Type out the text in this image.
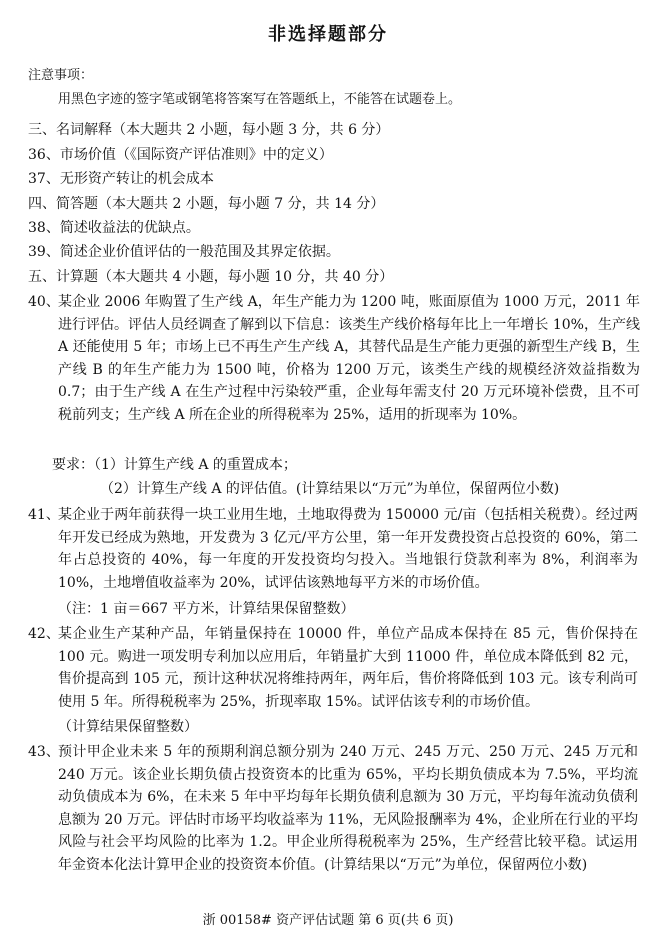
非选择题部分
注意事项：
用黑色字迹的签字笔或钢笔将答案写在答题纸上，不能答在试题卷上。
三、名词解释（本大题共 2 小题，每小题 3 分，共 6 分）
36、市场价值（《国际资产评估准则》中的定义）
37、无形资产转让的机会成本
四、简答题（本大题共 2 小题，每小题 7 分，共 14 分）
38、简述收益法的优缺点。
39、简述企业价值评估的一般范围及其界定依据。
五、计算题（本大题共 4 小题，每小题 10 分，共 40 分）
40、
某企业 2006 年购置了生产线 A，年生产能力为 1200 吨，账面原值为 1000 万元，2011 年进行评估。评估人员经调查了解到以下信息：该类生产线价格每年比上一年增长 10%，生产线 A 还能使用 5 年；市场上已不再生产生产线 A，其替代品是生产能力更强的新型生产线 B，生产线 B 的年生产能力为 1500 吨，价格为 1200 万元，该类生产线的规模经济效益指数为 0.7；由于生产线 A 在生产过程中污染较严重，企业每年需支付 20 万元环境补偿费，且不可税前列支；生产线 A 所在企业的所得税率为 25%，适用的折现率为 10%。
要求：（1）计算生产线 A 的重置成本；
（2）计算生产线 A 的评估值。(计算结果以“万元”为单位，保留两位小数)
41、
某企业于两年前获得一块工业用生地，土地取得费为 150000 元/亩（包括相关税费）。经过两年开发已经成为熟地，开发费为 3 亿元/平方公里，第一年开发费投资占总投资的 60%，第二年占总投资的 40%，每一年度的开发投资均匀投入。当地银行贷款利率为 8%，利润率为 10%，土地增值收益率为 20%，试评估该熟地每平方米的市场价值。
（注：1 亩＝667 平方米，计算结果保留整数）
42、
某企业生产某种产品，年销量保持在 10000 件，单位产品成本保持在 85 元，售价保持在 100 元。购进一项发明专利加以应用后，年销量扩大到 11000 件，单位成本降低到 82 元，售价提高到 105 元，预计这种状况将维持两年，两年后，售价将降低到 103 元。该专利尚可使用 5 年。所得税税率为 25%，折现率取 15%。试评估该专利的市场价值。
（计算结果保留整数）
43、
预计甲企业未来 5 年的预期利润总额分别为 240 万元、245 万元、250 万元、245 万元和 240 万元。该企业长期负债占投资资本的比重为 65%，平均长期负债成本为 7.5%，平均流动负债成本为 6%，在未来 5 年中平均每年长期负债利息额为 30 万元，平均每年流动负债利息额为 20 万元。评估时市场平均收益率为 11%，无风险报酬率为 4%，企业所在行业的平均风险与社会平均风险的比率为 1.2。甲企业所得税税率为 25%，生产经营比较平稳。试运用年金资本化法计算甲企业的投资资本价值。(计算结果以“万元”为单位，保留两位小数)
浙 00158# 资产评估试题 第 6 页(共 6 页)
